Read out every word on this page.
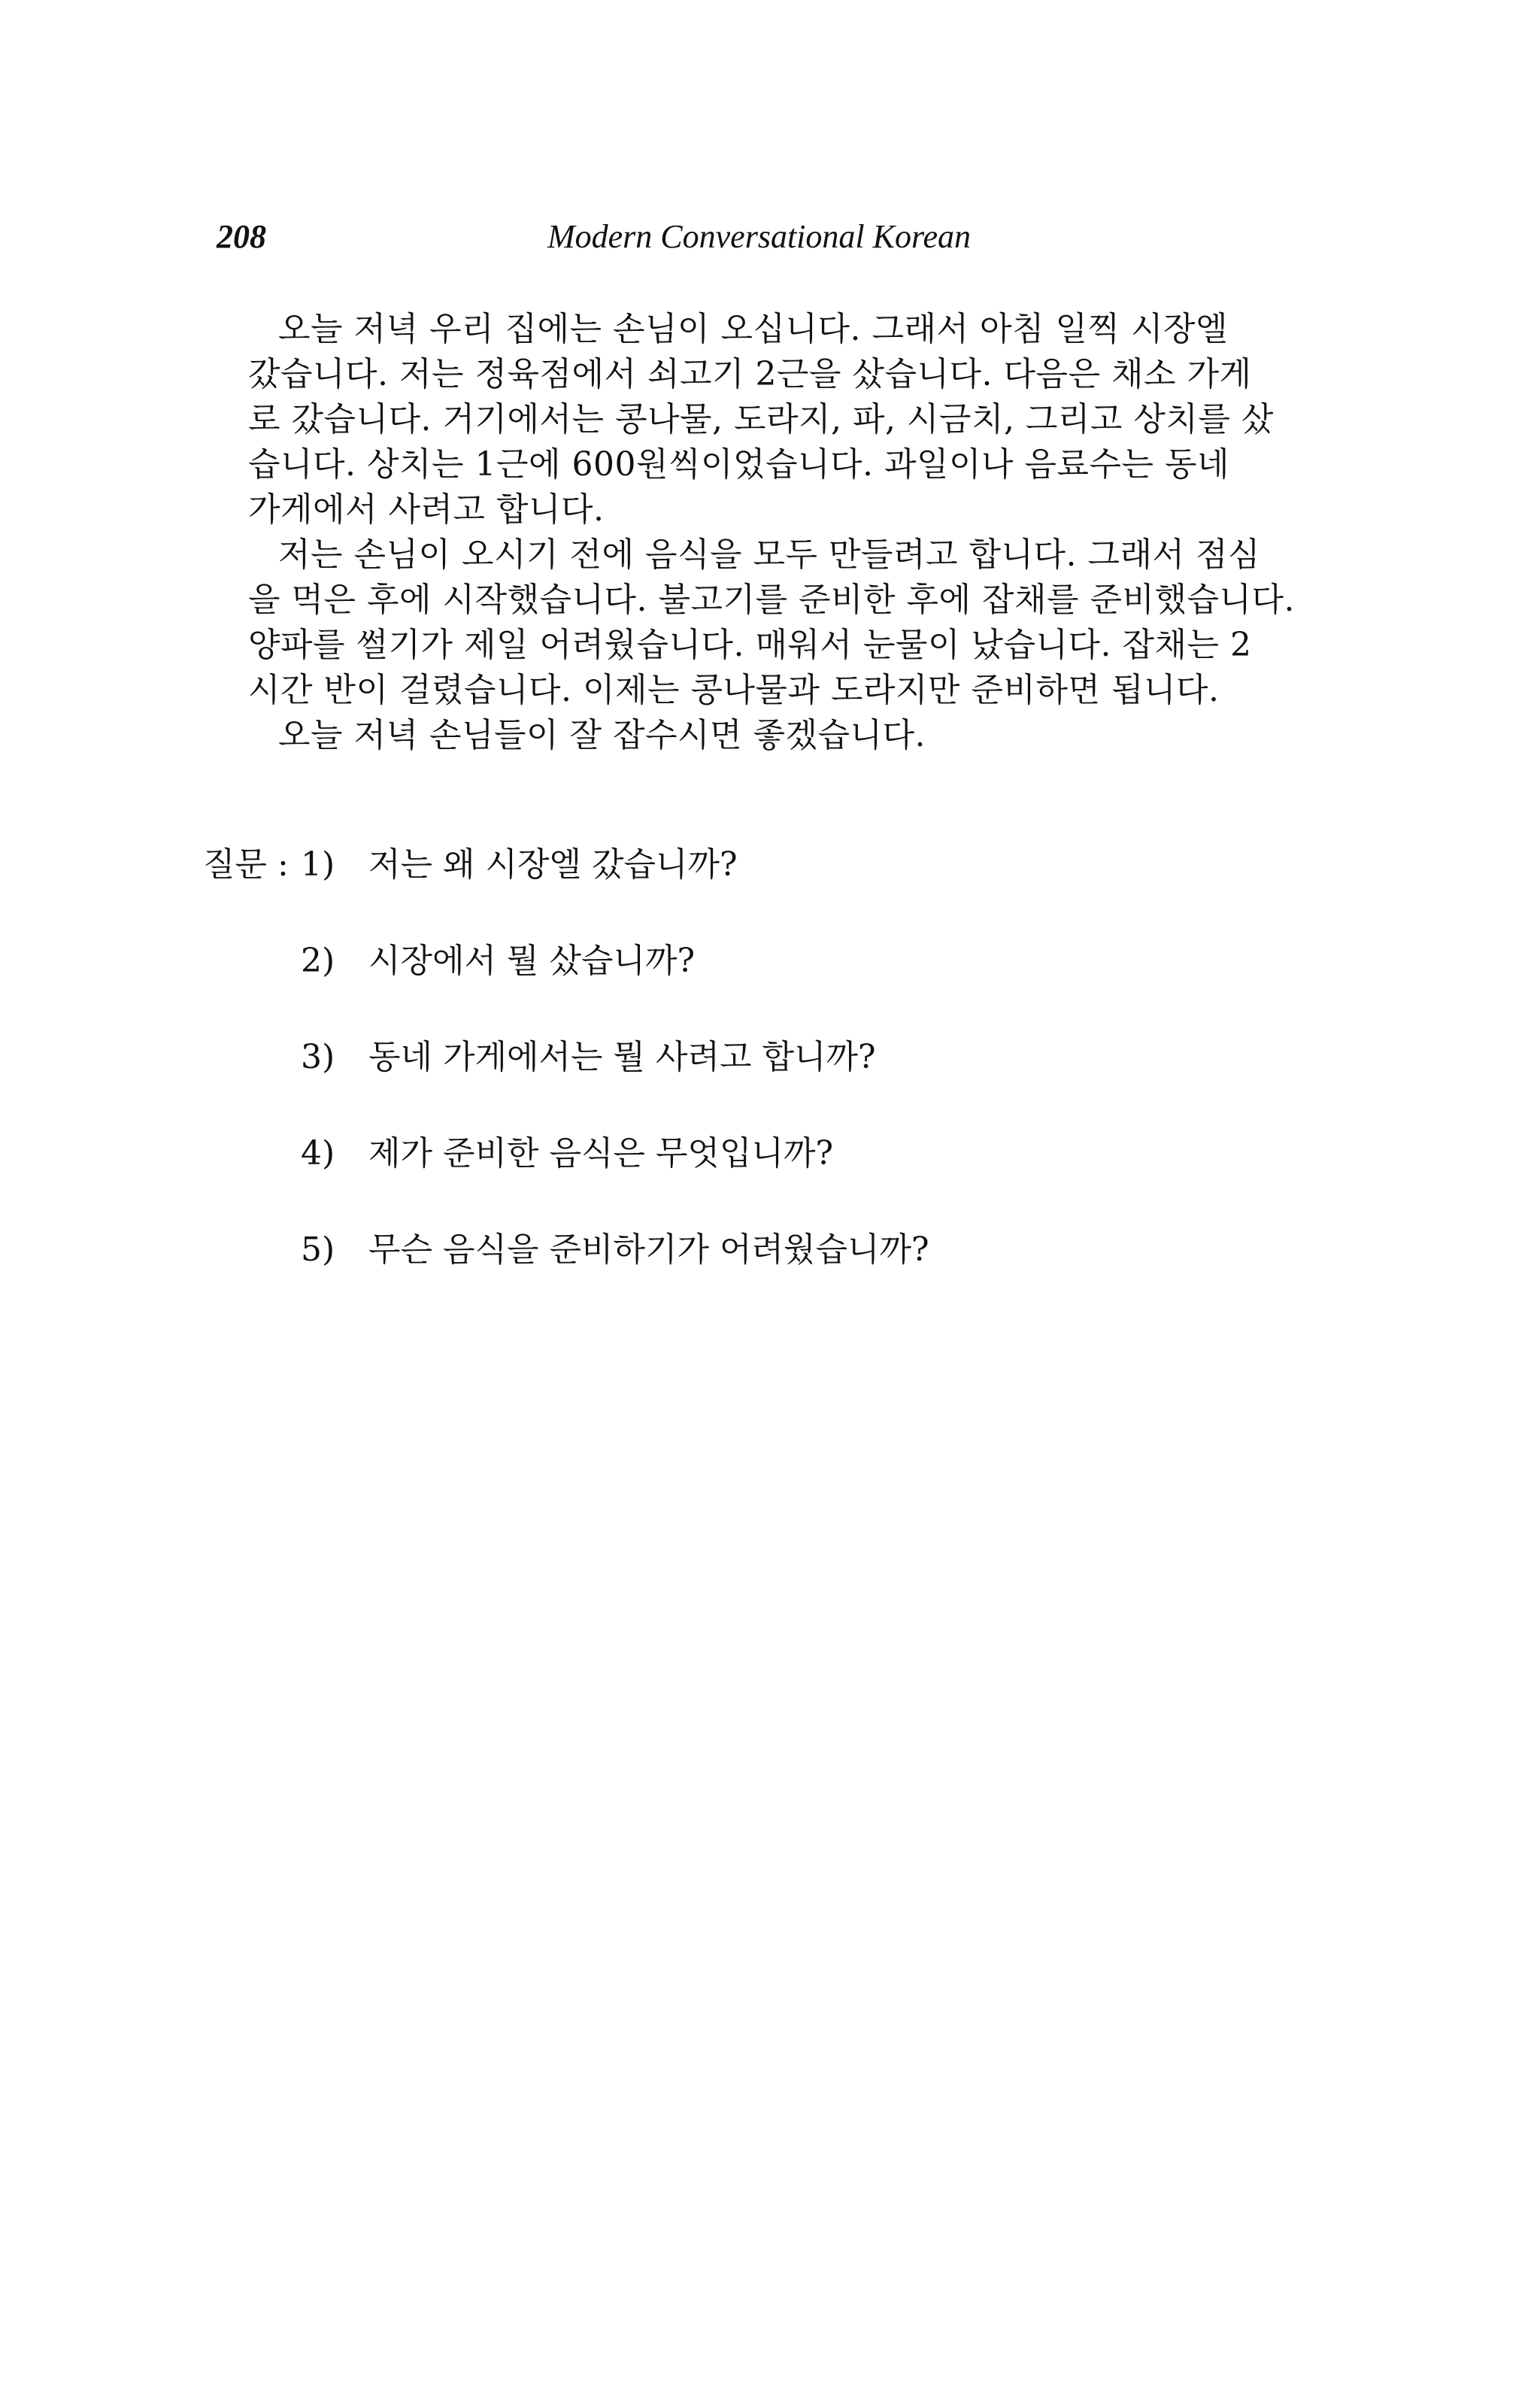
208	Modern Conversational Korean
오늘 저녁 우리 집에는 손님이 오십니다. 그래서 아침 일찍 시장엘
갔습니다. 저는 정육점에서 쇠고기 2근을 샀습니다. 다음은 채소 가게
로 갔습니다. 거기에서는 콩나물, 도라지, 파, 시금치, 그리고 상치를 샀
습니다. 상치는 1근에 600원씩이었습니다. 과일이나 음료수는 동네
가게에서 사려고 합니다.
저는 손님이 오시기 전에 음식을 모두 만들려고 합니다. 그래서 점심
을 먹은 후에 시작했습니다. 불고기를 준비한 후에 잡채를 준비했습니다.
양파를 썰기가 제일 어려웠습니다. 매워서 눈물이 났습니다. 잡채는 2
시간 반이 걸렸습니다. 이제는 콩나물과 도라지만 준비하면 됩니다.
오늘 저녁 손님들이 잘 잡수시면 좋겠습니다.
질문 : 1) 저는 왜 시장엘 갔습니까?
2) 시장에서 뭘 샀습니까?
3) 동네 가게에서는 뭘 사려고 합니까?
4) 제가 준비한 음식은 무엇입니까?
5) 무슨 음식을 준비하기가 어려웠습니까?
